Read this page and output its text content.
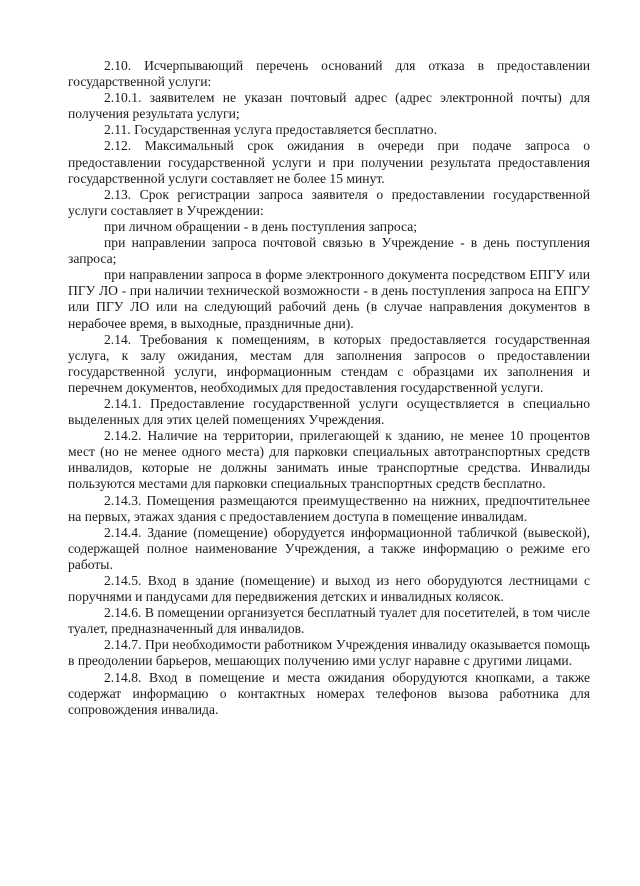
2.10. Исчерпывающий перечень оснований для отказа в предоставлении государственной услуги:

2.10.1. заявителем не указан почтовый адрес (адрес электронной почты) для получения результата услуги;

2.11. Государственная услуга предоставляется бесплатно.

2.12. Максимальный срок ожидания в очереди при подаче запроса о предоставлении государственной услуги и при получении результата предоставления государственной услуги составляет не более 15 минут.

2.13. Срок регистрации запроса заявителя о предоставлении государственной услуги составляет в Учреждении:

при личном обращении - в день поступления запроса;

при направлении запроса почтовой связью в Учреждение - в день поступления запроса;

при направлении запроса в форме электронного документа посредством ЕПГУ или ПГУ ЛО - при наличии технической возможности - в день поступления запроса на ЕПГУ или ПГУ ЛО или на следующий рабочий день (в случае направления документов в нерабочее время, в выходные, праздничные дни).

2.14. Требования к помещениям, в которых предоставляется государственная услуга, к залу ожидания, местам для заполнения запросов о предоставлении государственной услуги, информационным стендам с образцами их заполнения и перечнем документов, необходимых для предоставления государственной услуги.

2.14.1. Предоставление государственной услуги осуществляется в специально выделенных для этих целей помещениях Учреждения.

2.14.2. Наличие на территории, прилегающей к зданию, не менее 10 процентов мест (но не менее одного места) для парковки специальных автотранспортных средств инвалидов, которые не должны занимать иные транспортные средства. Инвалиды пользуются местами для парковки специальных транспортных средств бесплатно.

2.14.3. Помещения размещаются преимущественно на нижних, предпочтительнее на первых, этажах здания с предоставлением доступа в помещение инвалидам.

2.14.4. Здание (помещение) оборудуется информационной табличкой (вывеской), содержащей полное наименование Учреждения, а также информацию о режиме его работы.

2.14.5. Вход в здание (помещение) и выход из него оборудуются лестницами с поручнями и пандусами для передвижения детских и инвалидных колясок.

2.14.6. В помещении организуется бесплатный туалет для посетителей, в том числе туалет, предназначенный для инвалидов.

2.14.7. При необходимости работником Учреждения инвалиду оказывается помощь в преодолении барьеров, мешающих получению ими услуг наравне с другими лицами.

2.14.8. Вход в помещение и места ожидания оборудуются кнопками, а также содержат информацию о контактных номерах телефонов вызова работника для сопровождения инвалида.
